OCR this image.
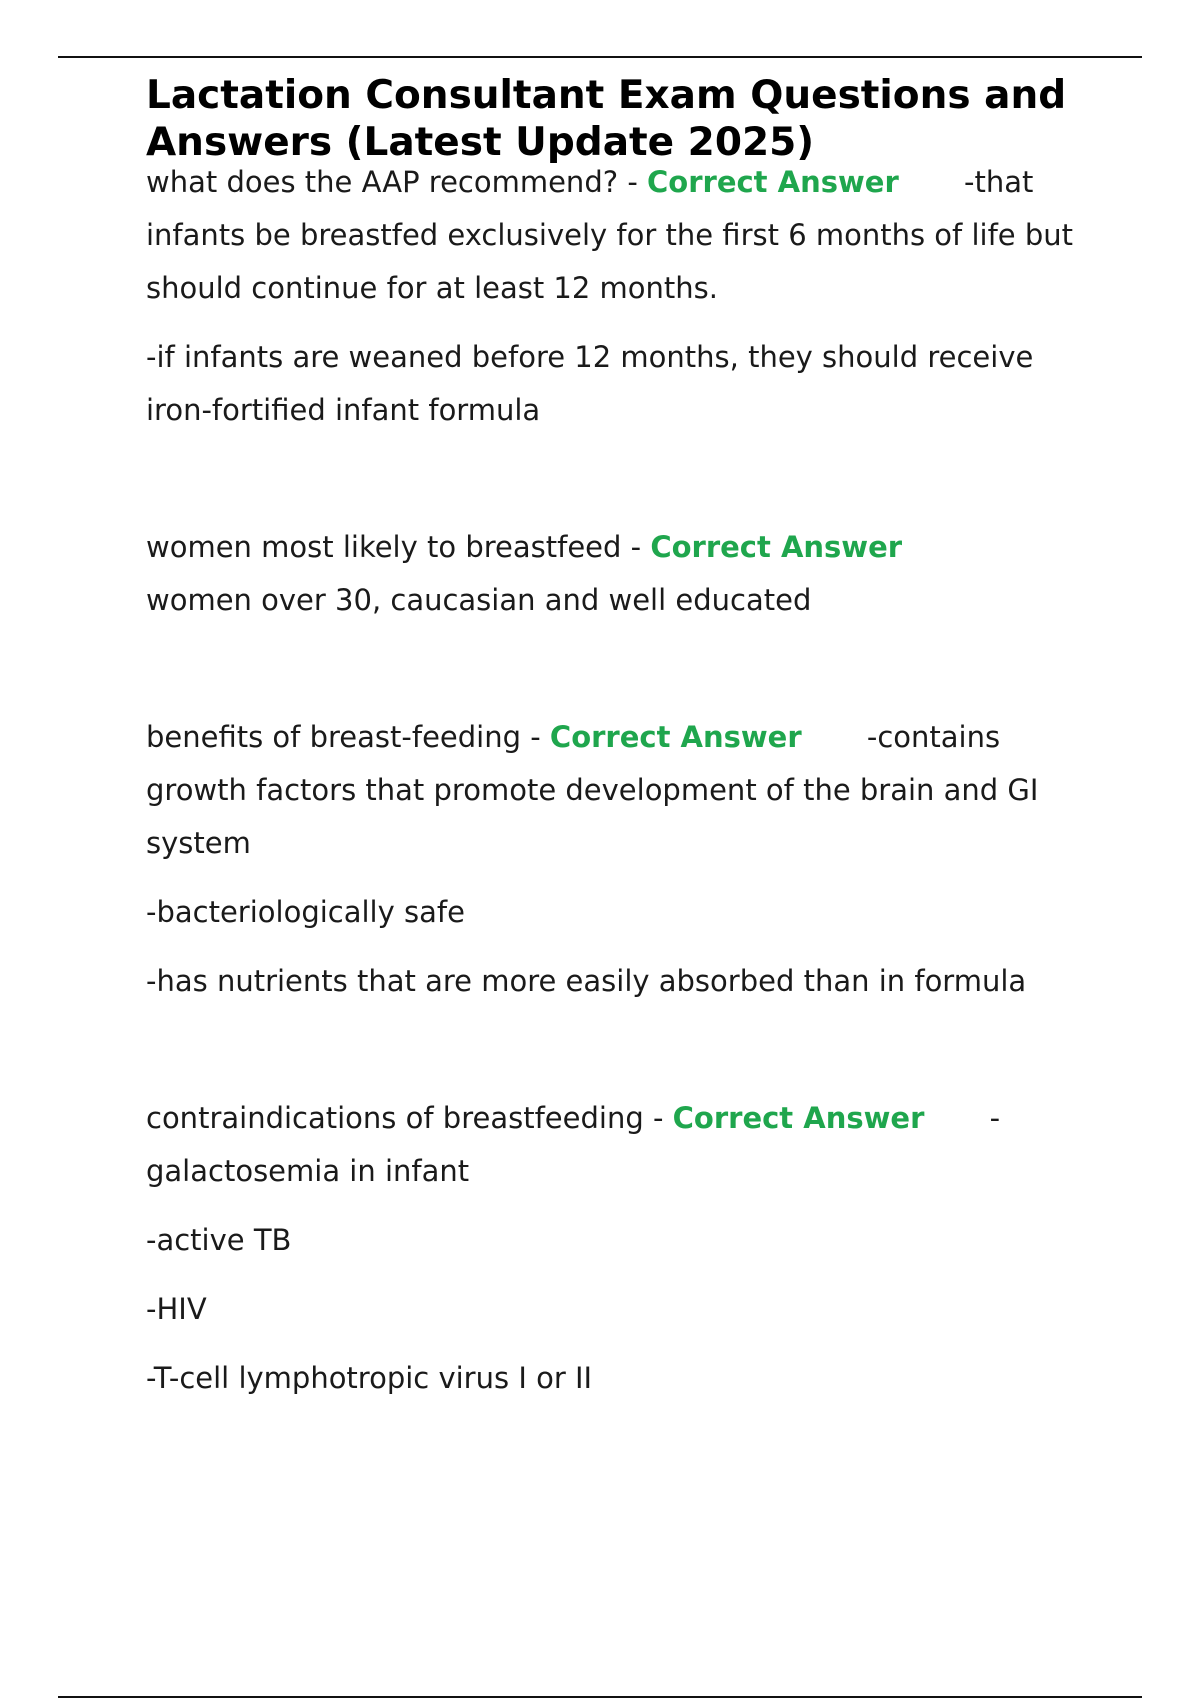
Lactation Consultant Exam Questions and Answers (Latest Update 2025)

what does the AAP recommend? - Correct Answer -that infants be breastfed exclusively for the first 6 months of life but should continue for at least 12 months.

-if infants are weaned before 12 months, they should receive iron-fortified infant formula

women most likely to breastfeed - Correct Answer

women over 30, caucasian and well educated

benefits of breast-feeding - Correct Answer -contains growth factors that promote development of the brain and GI system

-bacteriologically safe

-has nutrients that are more easily absorbed than in formula

contraindications of breastfeeding - Correct Answer - galactosemia in infant

-active TB

-HIV

-T-cell lymphotropic virus I or II
